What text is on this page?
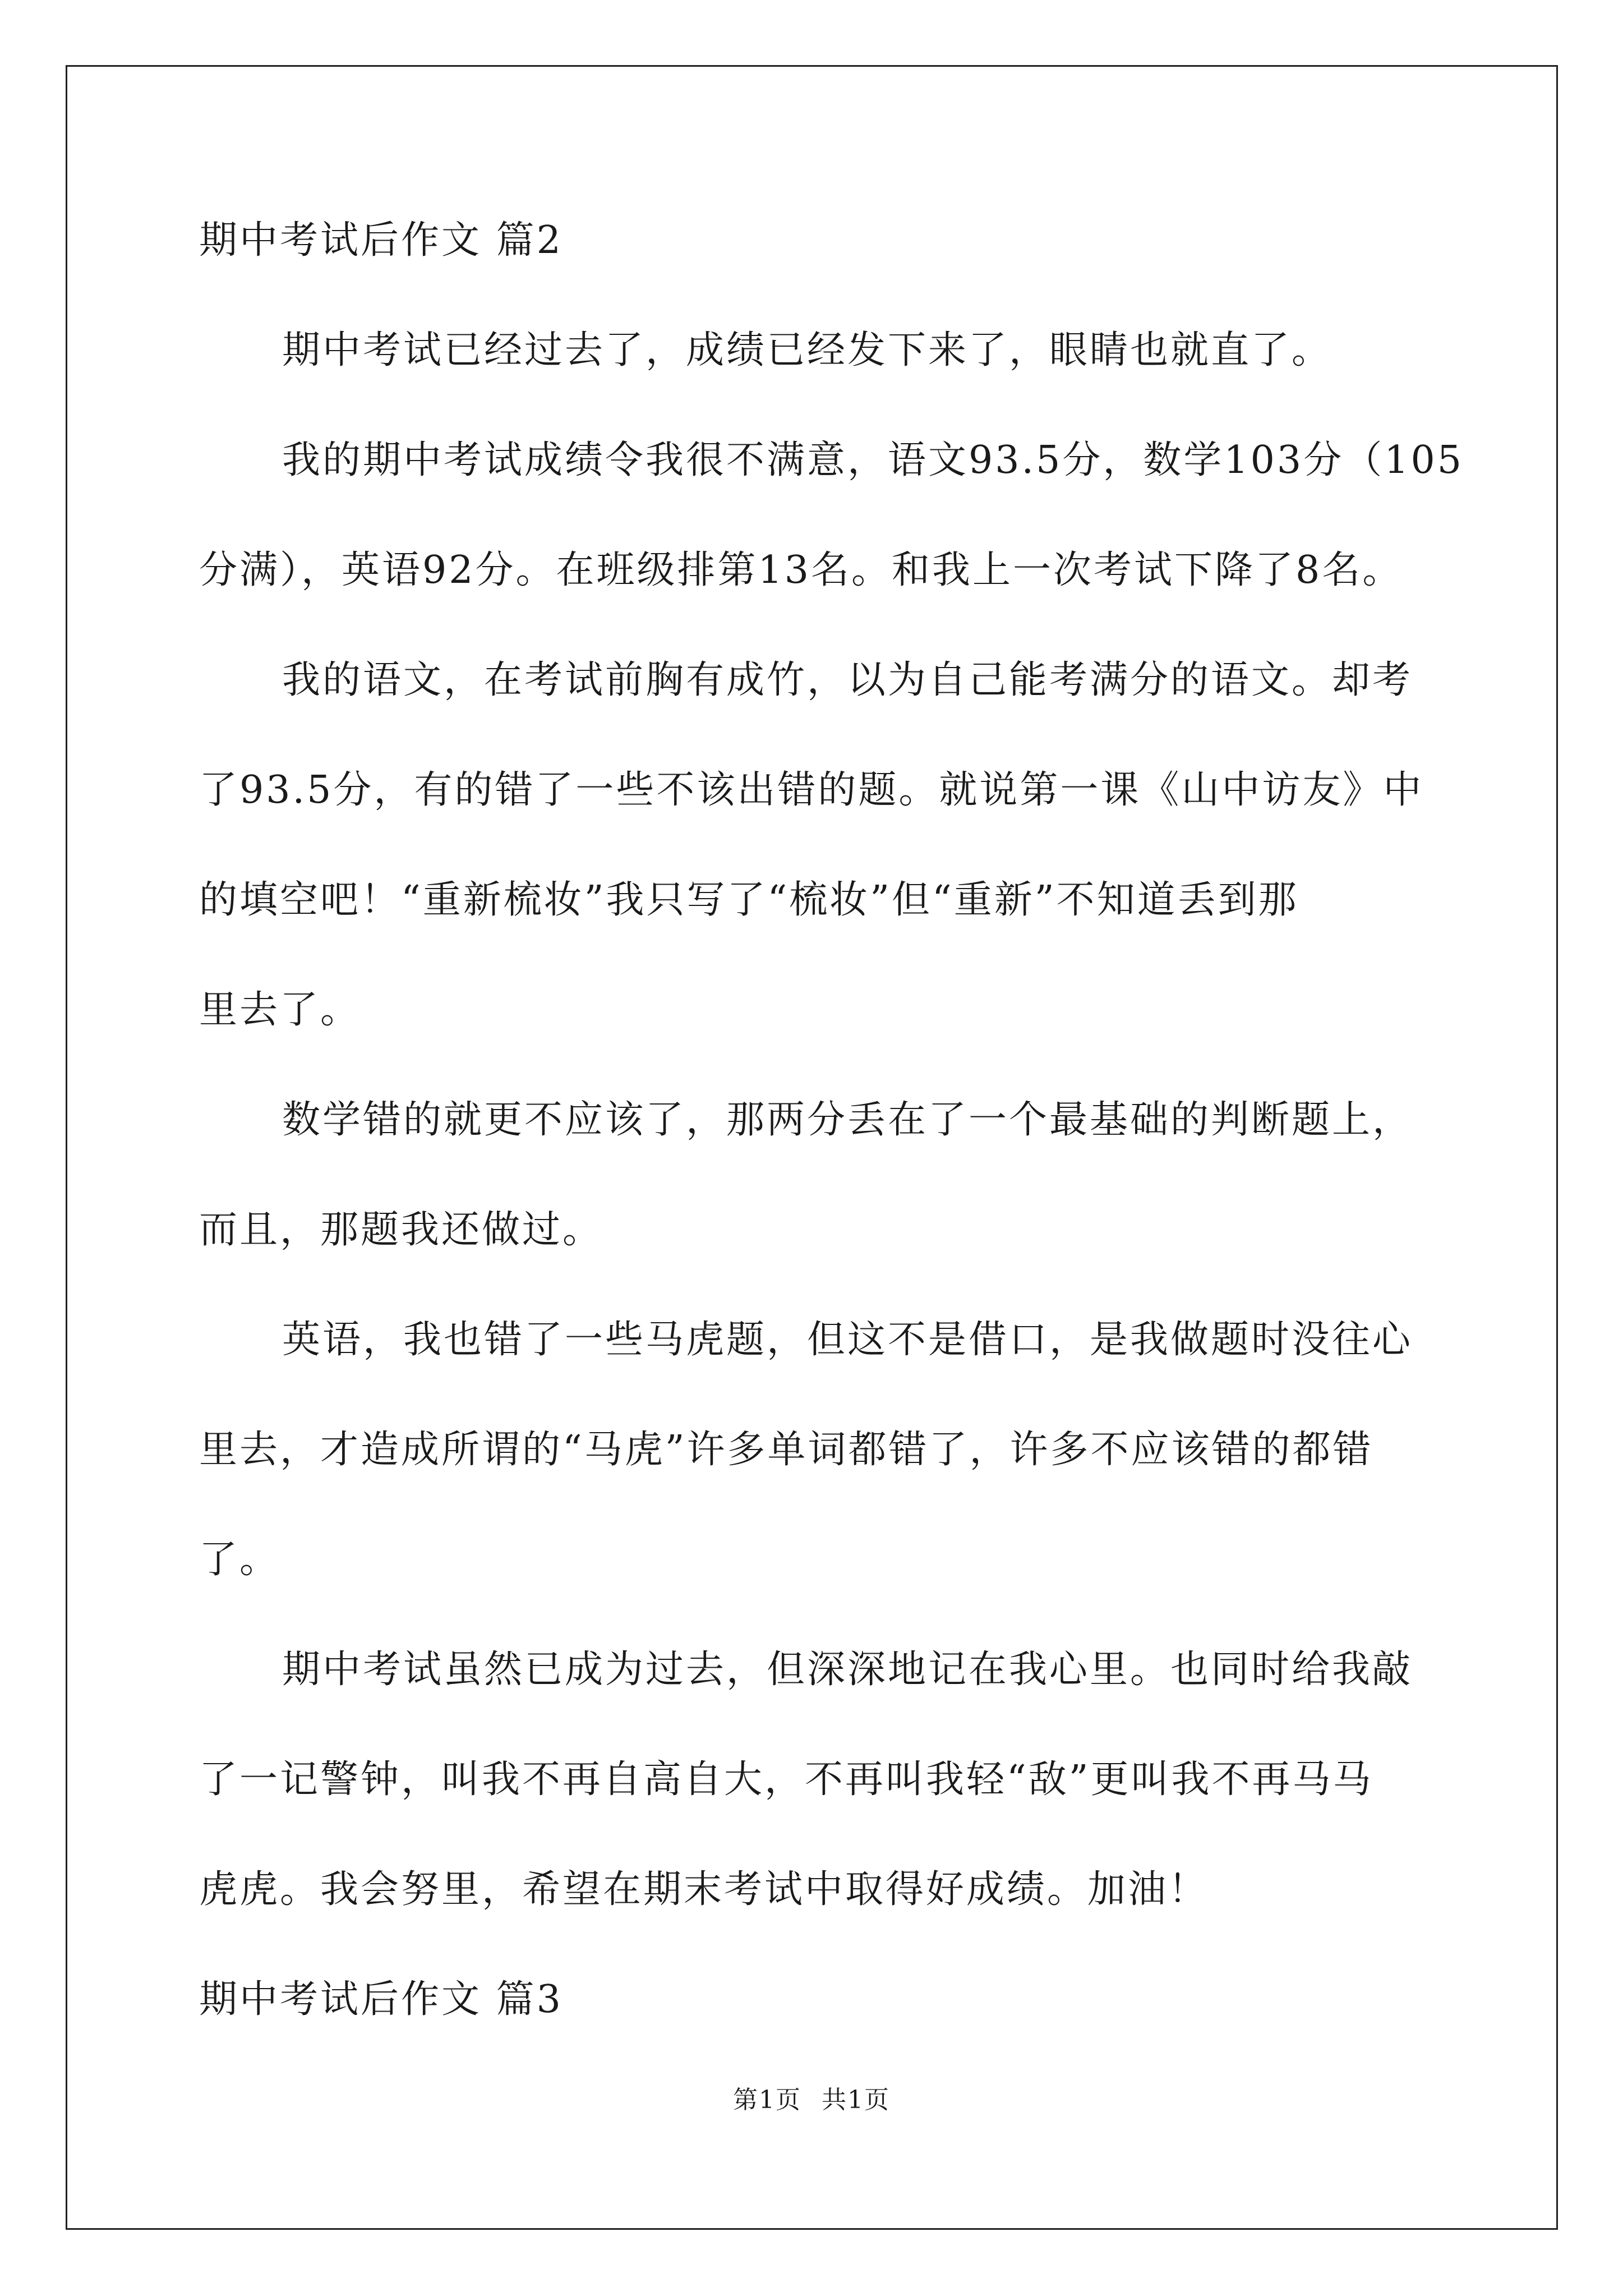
期中考试后作文 篇2

期中考试已经过去了，成绩已经发下来了，眼睛也就直了。

我的期中考试成绩令我很不满意，语文93.5分，数学103分（105

分满），英语92分。在班级排第13名。和我上一次考试下降了8名。

我的语文，在考试前胸有成竹，以为自己能考满分的语文。却考

了93.5分，有的错了一些不该出错的题。就说第一课《山中访友》中

的填空吧！“重新梳妆”我只写了“梳妆”但“重新”不知道丢到那

里去了。

数学错的就更不应该了，那两分丢在了一个最基础的判断题上，

而且，那题我还做过。

英语，我也错了一些马虎题，但这不是借口，是我做题时没往心

里去，才造成所谓的“马虎”许多单词都错了，许多不应该错的都错

了。

期中考试虽然已成为过去，但深深地记在我心里。也同时给我敲

了一记警钟，叫我不再自高自大，不再叫我轻“敌”更叫我不再马马

虎虎。我会努里，希望在期末考试中取得好成绩。加油！

期中考试后作文 篇3

第1页 共1页
